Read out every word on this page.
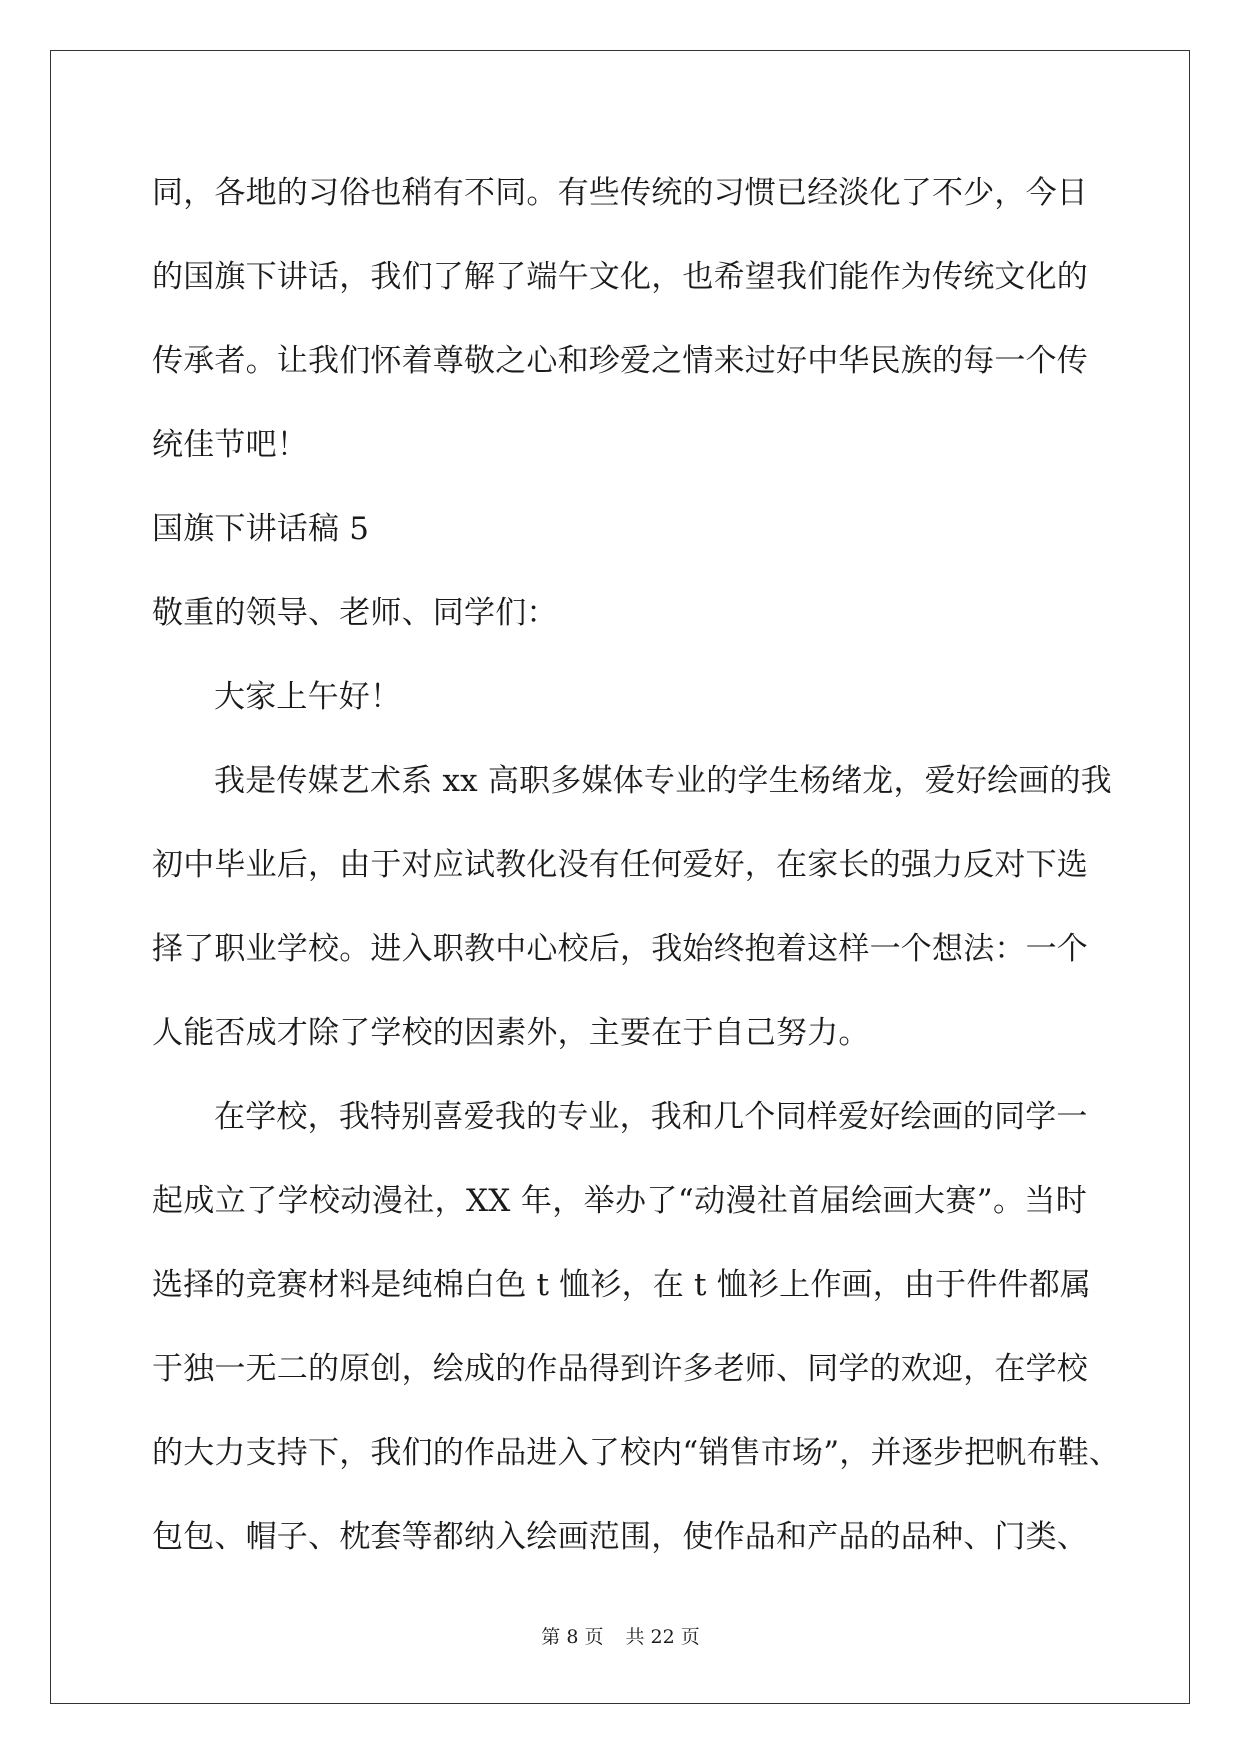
同，各地的习俗也稍有不同。有些传统的习惯已经淡化了不少，今日
的国旗下讲话，我们了解了端午文化，也希望我们能作为传统文化的
传承者。让我们怀着尊敬之心和珍爱之情来过好中华民族的每一个传
统佳节吧！
国旗下讲话稿 5
敬重的领导、老师、同学们：
大家上午好！
我是传媒艺术系 xx 高职多媒体专业的学生杨绪龙，爱好绘画的我
初中毕业后，由于对应试教化没有任何爱好，在家长的强力反对下选
择了职业学校。进入职教中心校后，我始终抱着这样一个想法：一个
人能否成才除了学校的因素外，主要在于自己努力。
在学校，我特别喜爱我的专业，我和几个同样爱好绘画的同学一
起成立了学校动漫社，XX 年，举办了“动漫社首届绘画大赛”。当时
选择的竞赛材料是纯棉白色 t 恤衫，在 t 恤衫上作画，由于件件都属
于独一无二的原创，绘成的作品得到许多老师、同学的欢迎，在学校
的大力支持下，我们的作品进入了校内“销售市场”，并逐步把帆布鞋、
包包、帽子、枕套等都纳入绘画范围，使作品和产品的品种、门类、
第 8 页 共 22 页
